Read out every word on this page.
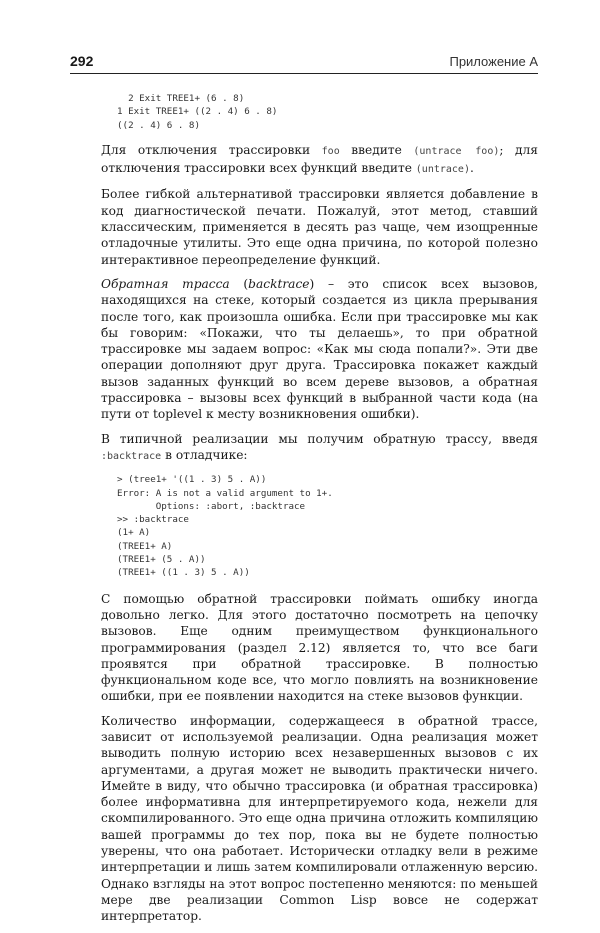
292	Приложение А
2 Exit TREE1+ (6 . 8)
1 Exit TREE1+ ((2 . 4) 6 . 8)
((2 . 4) 6 . 8)

Для отключения трассировки foo введите (untrace foo); для отключения трассировки всех функций введите (untrace).

Более гибкой альтернативой трассировки является добавление в код диагностической печати. Пожалуй, этот метод, ставший классическим, применяется в десять раз чаще, чем изощренные отладочные утилиты. Это еще одна причина, по которой полезно интерактивное переопределение функций.

Обратная трасса (backtrace) – это список всех вызовов, находящихся на стеке, который создается из цикла прерывания после того, как произошла ошибка. Если при трассировке мы как бы говорим: «Покажи, что ты делаешь», то при обратной трассировке мы задаем вопрос: «Как мы сюда попали?». Эти две операции дополняют друг друга. Трассировка покажет каждый вызов заданных функций во всем дереве вызовов, а обратная трассировка – вызовы всех функций в выбранной части кода (на пути от toplevel к месту возникновения ошибки).

В типичной реализации мы получим обратную трассу, введя :backtrace в отладчике:

> (tree1+ '((1 . 3) 5 . A))
Error: A is not a valid argument to 1+.
Options: :abort, :backtrace
>> :backtrace
(1+ A)
(TREE1+ A)
(TREE1+ (5 . A))
(TREE1+ ((1 . 3) 5 . A))

С помощью обратной трассировки поймать ошибку иногда довольно легко. Для этого достаточно посмотреть на цепочку вызовов. Еще одним преимуществом функционального программирования (раздел 2.12) является то, что все баги проявятся при обратной трассировке. В полностью функциональном коде все, что могло повлиять на возникновение ошибки, при ее появлении находится на стеке вызовов функции.

Количество информации, содержащееся в обратной трассе, зависит от используемой реализации. Одна реализация может выводить полную историю всех незавершенных вызовов с их аргументами, а другая может не выводить практически ничего. Имейте в виду, что обычно трассировка (и обратная трассировка) более информативна для интерпретируемого кода, нежели для скомпилированного. Это еще одна причина отложить компиляцию вашей программы до тех пор, пока вы не будете полностью уверены, что она работает. Исторически отладку вели в режиме интерпретации и лишь затем компилировали отлаженную версию. Однако взгляды на этот вопрос постепенно меняются: по меньшей мере две реализации Common Lisp вовсе не содержат интерпретатор.
